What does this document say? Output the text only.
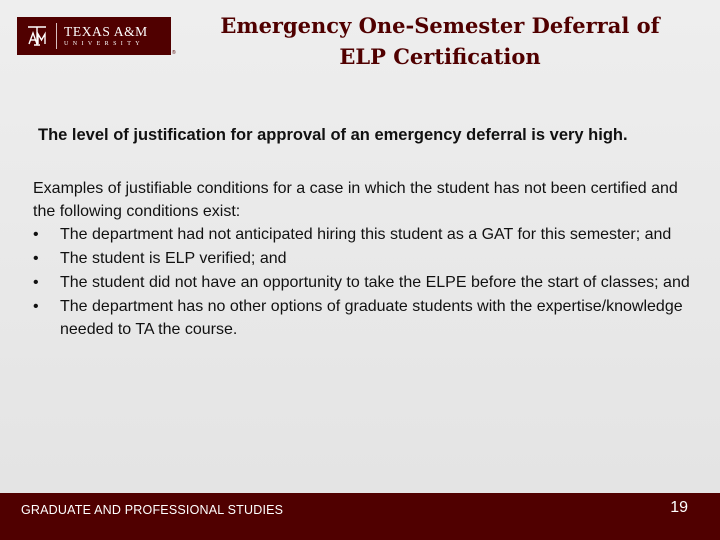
TEXAS A&M
UNIVERSITY
®
Emergency One-Semester Deferral of
ELP Certification
The level of justification for approval of an emergency deferral is very high.
Examples of justifiable conditions for a case in which the student has not been certified and the following conditions exist:
•	The department had not anticipated hiring this student as a GAT for this semester; and
•	The student is ELP verified; and
•	The student did not have an opportunity to take the ELPE before the start of classes; and
•	The department has no other options of graduate students with the expertise/knowledge needed to TA the course.
GRADUATE AND PROFESSIONAL STUDIES	19
